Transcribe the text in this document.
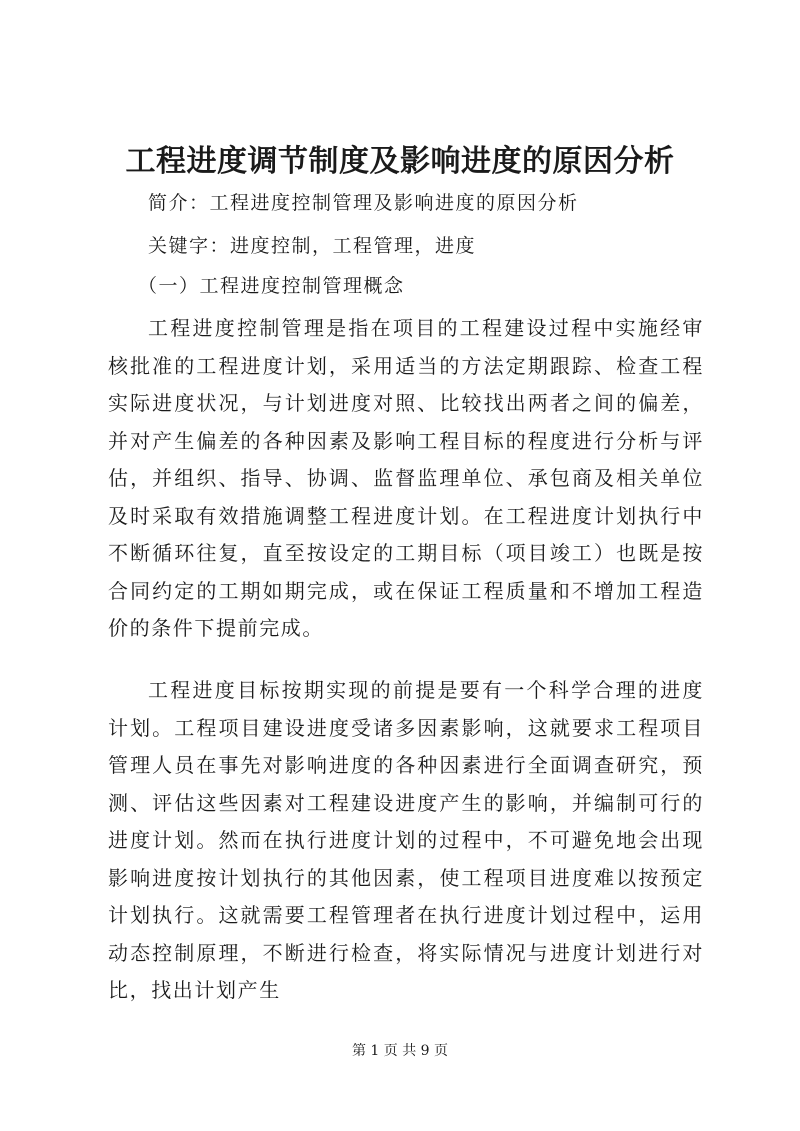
工程进度调节制度及影响进度的原因分析
简介：工程进度控制管理及影响进度的原因分析
关键字：进度控制，工程管理，进度
（一）工程进度控制管理概念

工程进度控制管理是指在项目的工程建设过程中实施经审核批准的工程进度计划，采用适当的方法定期跟踪、检查工程实际进度状况，与计划进度对照、比较找出两者之间的偏差，并对产生偏差的各种因素及影响工程目标的程度进行分析与评估，并组织、指导、协调、监督监理单位、承包商及相关单位及时采取有效措施调整工程进度计划。在工程进度计划执行中不断循环往复，直至按设定的工期目标（项目竣工）也既是按合同约定的工期如期完成，或在保证工程质量和不增加工程造价的条件下提前完成。

工程进度目标按期实现的前提是要有一个科学合理的进度计划。工程项目建设进度受诸多因素影响，这就要求工程项目管理人员在事先对影响进度的各种因素进行全面调查研究，预测、评估这些因素对工程建设进度产生的影响，并编制可行的进度计划。然而在执行进度计划的过程中，不可避免地会出现影响进度按计划执行的其他因素，使工程项目进度难以按预定计划执行。这就需要工程管理者在执行进度计划过程中，运用动态控制原理，不断进行检查，将实际情况与进度计划进行对比，找出计划产生

第 1 页 共 9 页
